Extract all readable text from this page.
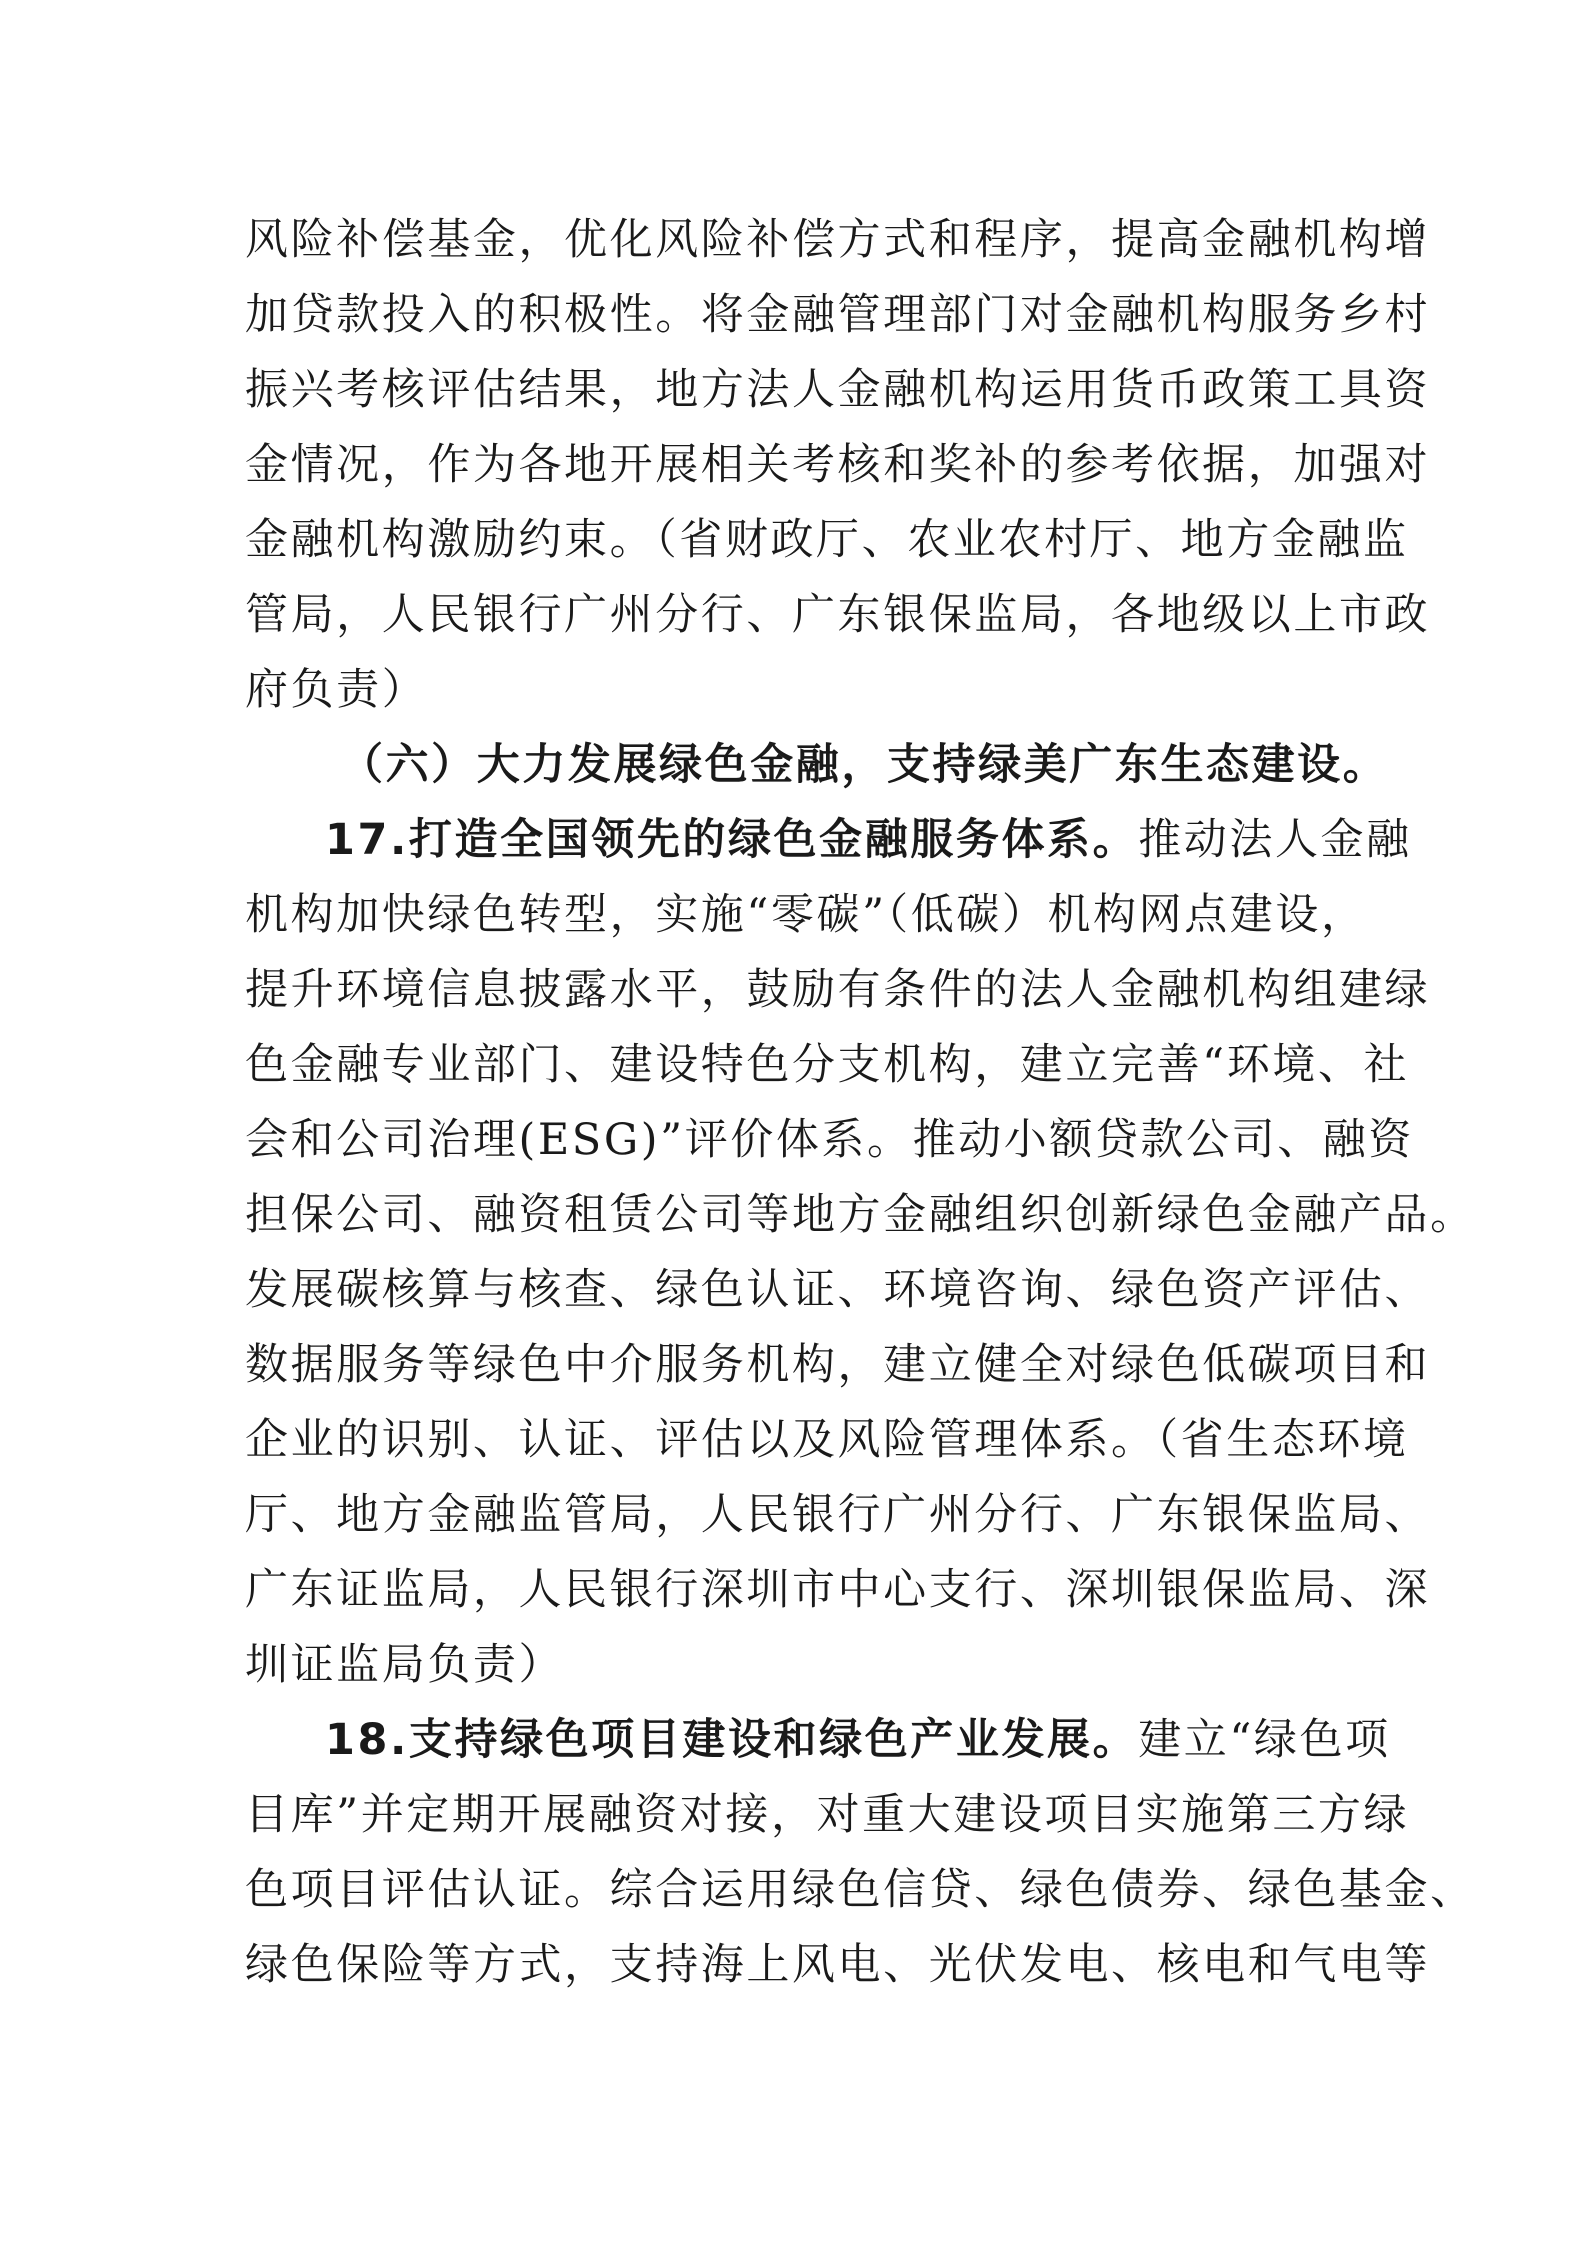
风险补偿基金，优化风险补偿方式和程序，提高金融机构增
加贷款投入的积极性。将金融管理部门对金融机构服务乡村
振兴考核评估结果，地方法人金融机构运用货币政策工具资
金情况，作为各地开展相关考核和奖补的参考依据，加强对
金融机构激励约束。（省财政厅、农业农村厅、地方金融监
管局，人民银行广州分行、广东银保监局，各地级以上市政
府负责）
（六）大力发展绿色金融，支持绿美广东生态建设。
17.打造全国领先的绿色金融服务体系。推动法人金融
机构加快绿色转型，实施“零碳”（低碳）机构网点建设，
提升环境信息披露水平，鼓励有条件的法人金融机构组建绿
色金融专业部门、建设特色分支机构，建立完善“环境、社
会和公司治理(ESG)”评价体系。推动小额贷款公司、融资
担保公司、融资租赁公司等地方金融组织创新绿色金融产品。
发展碳核算与核查、绿色认证、环境咨询、绿色资产评估、
数据服务等绿色中介服务机构，建立健全对绿色低碳项目和
企业的识别、认证、评估以及风险管理体系。（省生态环境
厅、地方金融监管局，人民银行广州分行、广东银保监局、
广东证监局，人民银行深圳市中心支行、深圳银保监局、深
圳证监局负责）
18.支持绿色项目建设和绿色产业发展。建立“绿色项
目库”并定期开展融资对接，对重大建设项目实施第三方绿
色项目评估认证。综合运用绿色信贷、绿色债券、绿色基金、
绿色保险等方式，支持海上风电、光伏发电、核电和气电等
